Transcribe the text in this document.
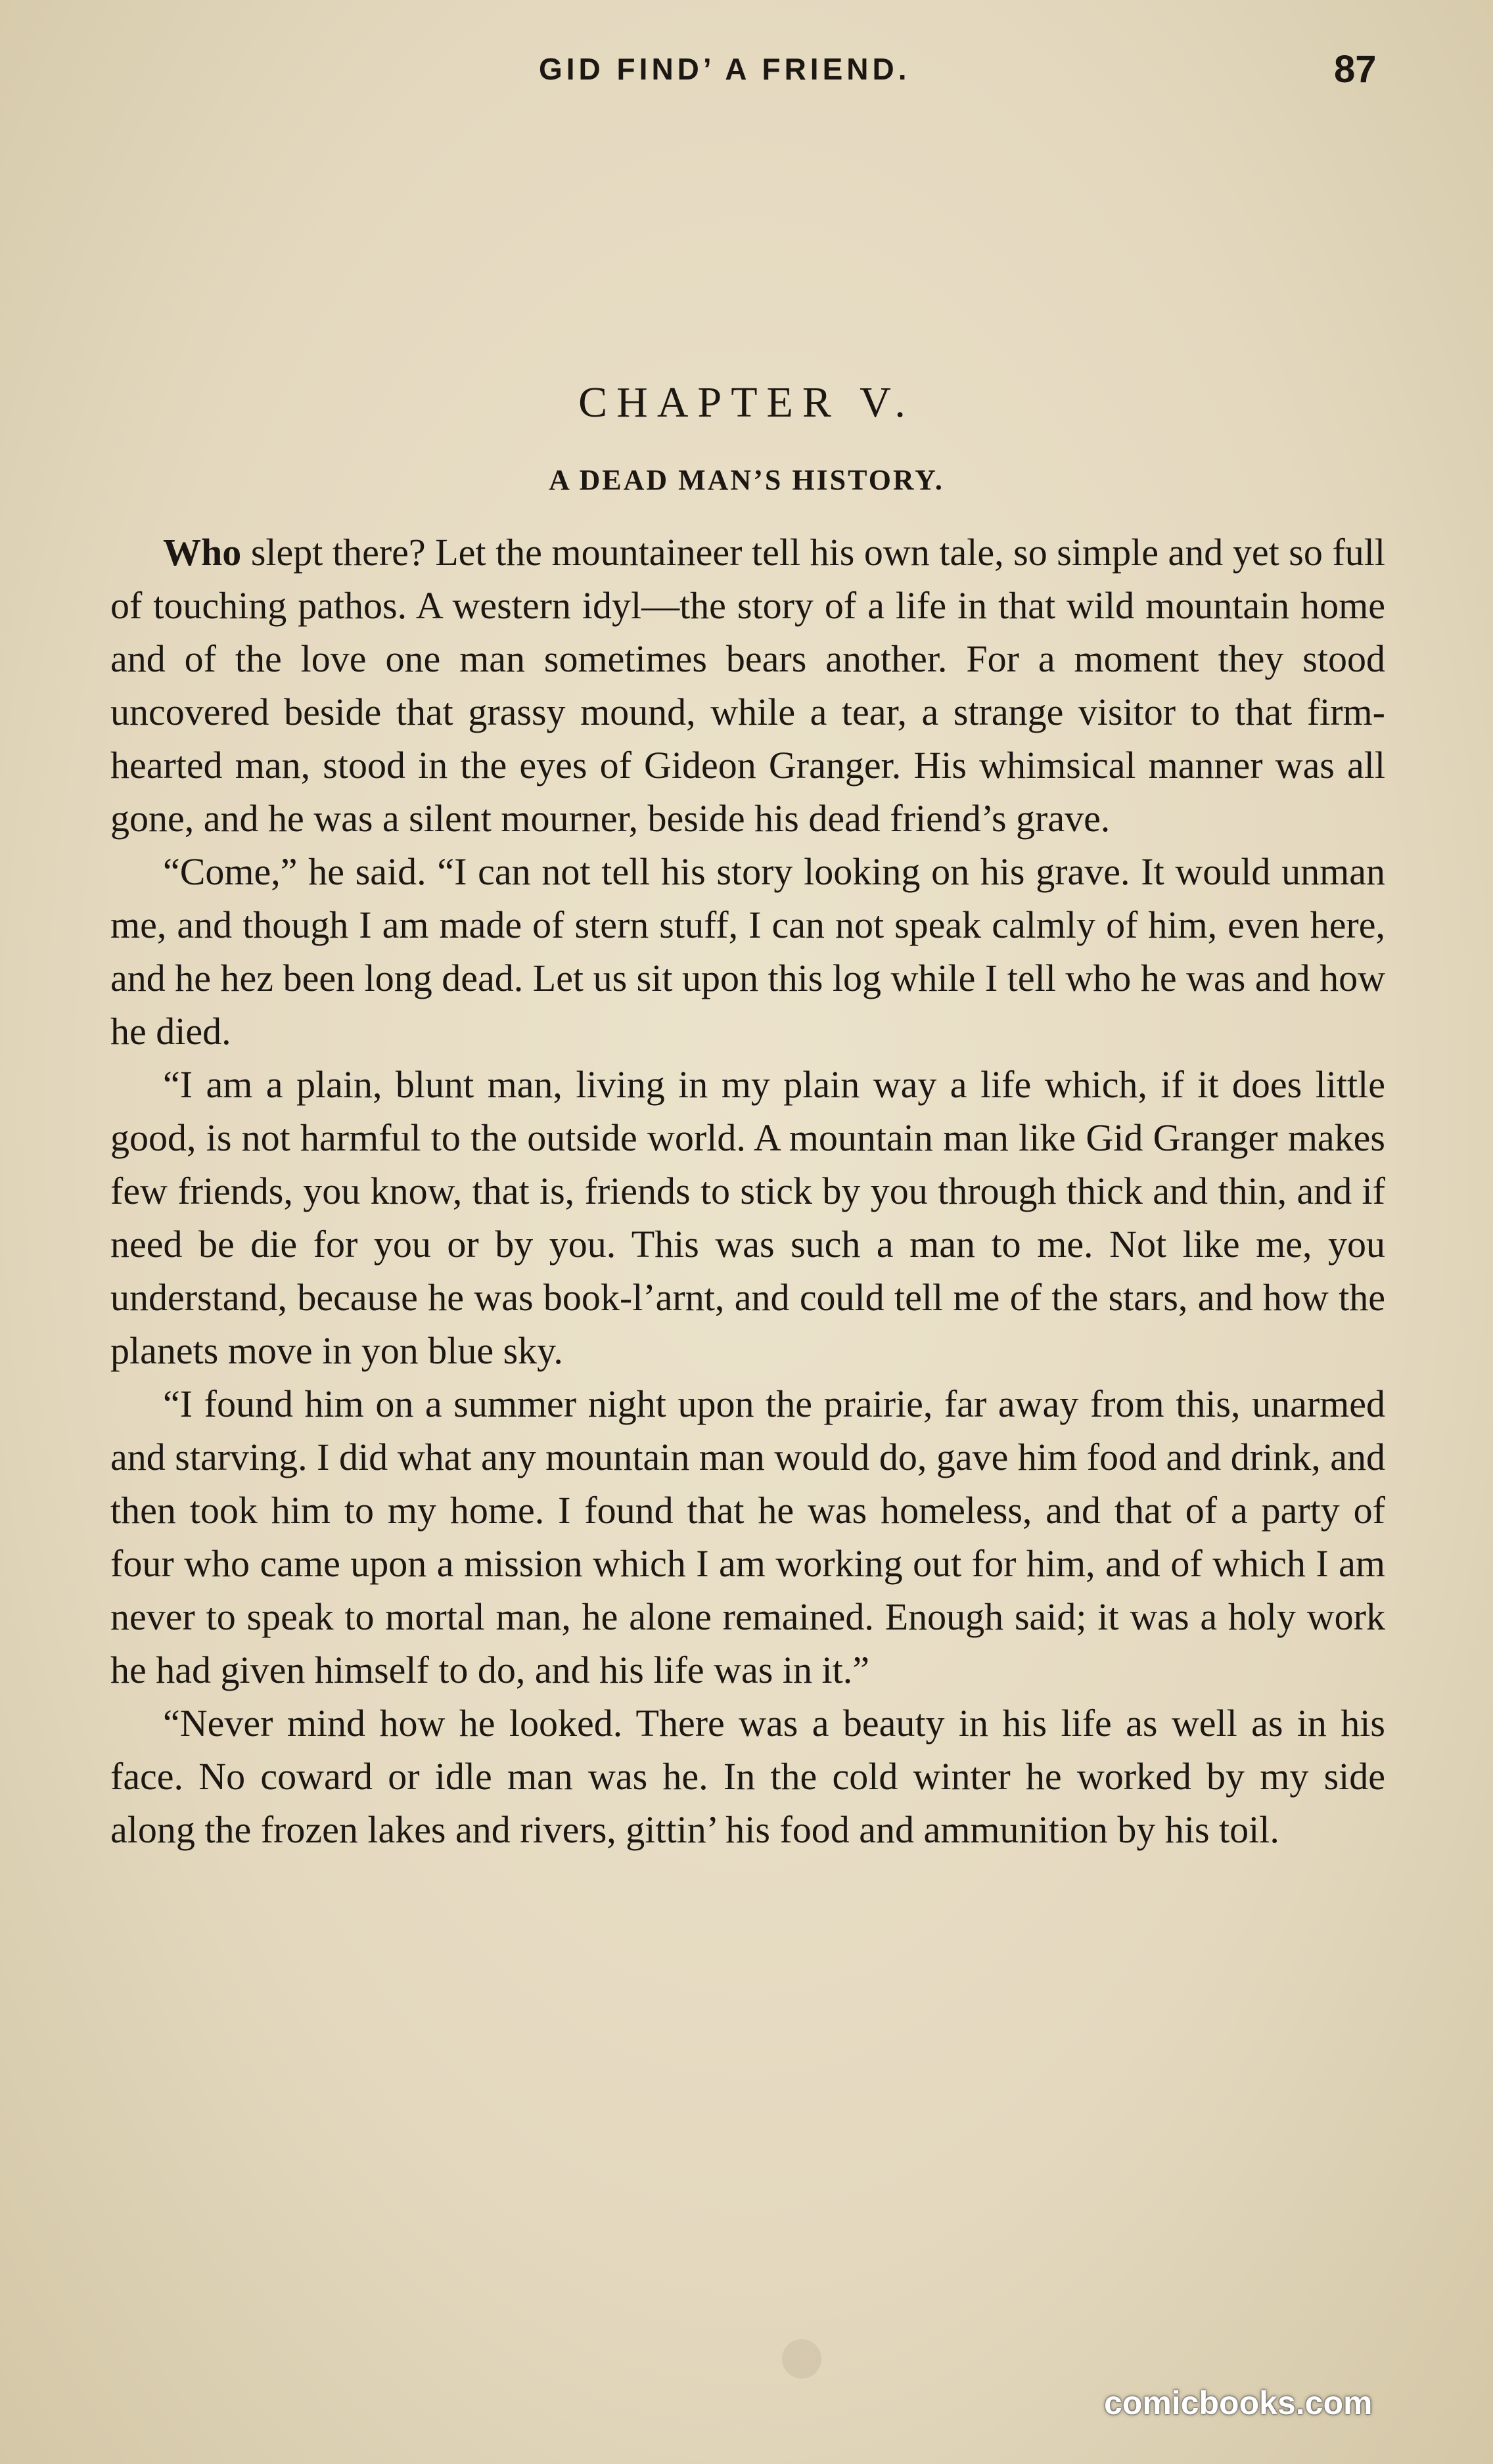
GID FIND’ A FRIEND.	87
CHAPTER V.
A DEAD MAN’S HISTORY.

Who slept there? Let the mountaineer tell his own tale, so simple and yet so full of touching pathos. A western idyl—the story of a life in that wild mountain home and of the love one man sometimes bears another. For a moment they stood uncovered beside that grassy mound, while a tear, a strange visitor to that firm-hearted man, stood in the eyes of Gideon Granger. His whimsical manner was all gone, and he was a silent mourner, beside his dead friend’s grave.

“Come,” he said. “I can not tell his story looking on his grave. It would unman me, and though I am made of stern stuff, I can not speak calmly of him, even here, and he hez been long dead. Let us sit upon this log while I tell who he was and how he died.

“I am a plain, blunt man, living in my plain way a life which, if it does little good, is not harmful to the outside world. A mountain man like Gid Granger makes few friends, you know, that is, friends to stick by you through thick and thin, and if need be die for you or by you. This was such a man to me. Not like me, you understand, because he was book-l’arnt, and could tell me of the stars, and how the planets move in yon blue sky.

“I found him on a summer night upon the prairie, far away from this, unarmed and starving. I did what any mountain man would do, gave him food and drink, and then took him to my home. I found that he was homeless, and that of a party of four who came upon a mission which I am working out for him, and of which I am never to speak to mortal man, he alone remained. Enough said; it was a holy work he had given himself to do, and his life was in it.”

“Never mind how he looked. There was a beauty in his life as well as in his face. No coward or idle man was he. In the cold winter he worked by my side along the frozen lakes and rivers, gittin’ his food and ammunition by his toil.

comicbooks.com
